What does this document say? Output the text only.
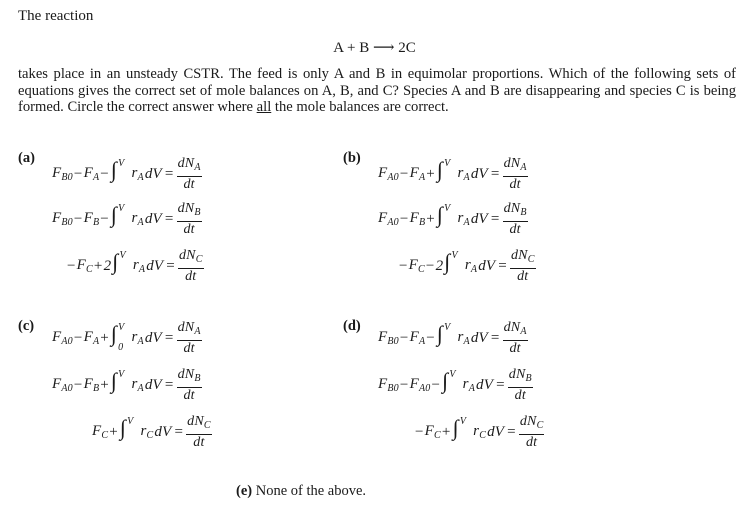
The reaction
A + B ⟶ 2C
takes place in an unsteady CSTR. The feed is only A and B in equimolar proportions. Which of the following sets of equations gives the correct set of mole balances on A, B, and C? Species A and B are disappearing and species C is being formed. Circle the correct answer where all the mole balances are correct.
(a)	(b)
(c)	(d)
$F_{B0} - F_A$ − ∫ V
$r_A$ dV = $\frac{dN_A}{dt}$
$F_{B0} - F_B$ − ∫ V
$r_A$ dV = $\frac{dN_B}{dt}$
− $F_C + 2$ ∫ V
$r_A$ dV = $\frac{dN_C}{dt}$
$F_{A0} - F_A$ + ∫ V
$r_A$ dV = $\frac{dN_A}{dt}$
$F_{A0} - F_B$ + ∫ V
$r_A$ dV = $\frac{dN_B}{dt}$
− $F_C - 2$ ∫ V
$r_A$ dV = $\frac{dN_C}{dt}$
$F_{A0} - F_A$ + ∫ V
0
$r_A$ dV = $\frac{dN_A}{dt}$
$F_{A0} - F_B$ + ∫ V
$r_A$ dV = $\frac{dN_B}{dt}$
$F_C$ + ∫ V
$r_C$ dV = $\frac{dN_C}{dt}$
$F_{B0} - F_A$ − ∫ V
$r_A$ dV = $\frac{dN_A}{dt}$
$F_{B0} - F_{A0}$ − ∫ V
$r_A$ dV = $\frac{dN_B}{dt}$
− $F_C$ + ∫ V
$r_C$ dV = $\frac{dN_C}{dt}$
(e) None of the above.
